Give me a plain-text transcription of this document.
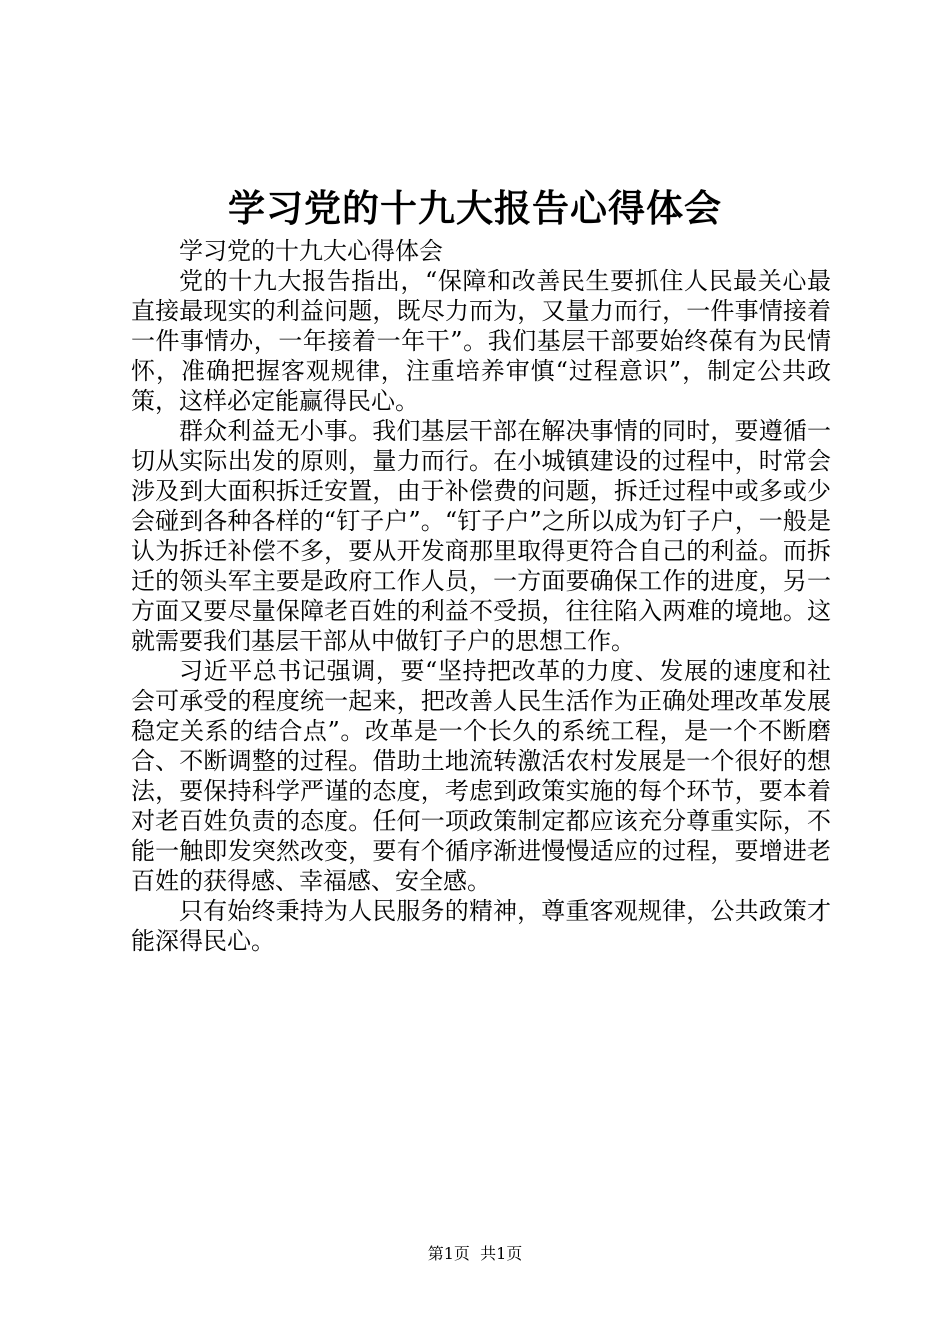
学习党的十九大报告心得体会

学习党的十九大心得体会

党的十九大报告指出，“保障和改善民生要抓住人民最关心最直接最现实的利益问题，既尽力而为，又量力而行，一件事情接着一件事情办，一年接着一年干”。我们基层干部要始终葆有为民情怀，准确把握客观规律，注重培养审慎“过程意识”，制定公共政策，这样必定能赢得民心。

群众利益无小事。我们基层干部在解决事情的同时，要遵循一切从实际出发的原则，量力而行。在小城镇建设的过程中，时常会涉及到大面积拆迁安置，由于补偿费的问题，拆迁过程中或多或少会碰到各种各样的“钉子户”。“钉子户”之所以成为钉子户，一般是认为拆迁补偿不多，要从开发商那里取得更符合自己的利益。而拆迁的领头军主要是政府工作人员，一方面要确保工作的进度，另一方面又要尽量保障老百姓的利益不受损，往往陷入两难的境地。这就需要我们基层干部从中做钉子户的思想工作。

习近平总书记强调，要“坚持把改革的力度、发展的速度和社会可承受的程度统一起来，把改善人民生活作为正确处理改革发展稳定关系的结合点”。改革是一个长久的系统工程，是一个不断磨合、不断调整的过程。借助土地流转激活农村发展是一个很好的想法，要保持科学严谨的态度，考虑到政策实施的每个环节，要本着对老百姓负责的态度。任何一项政策制定都应该充分尊重实际，不能一触即发突然改变，要有个循序渐进慢慢适应的过程，要增进老百姓的获得感、幸福感、安全感。

只有始终秉持为人民服务的精神，尊重客观规律，公共政策才能深得民心。

第1页  共1页
